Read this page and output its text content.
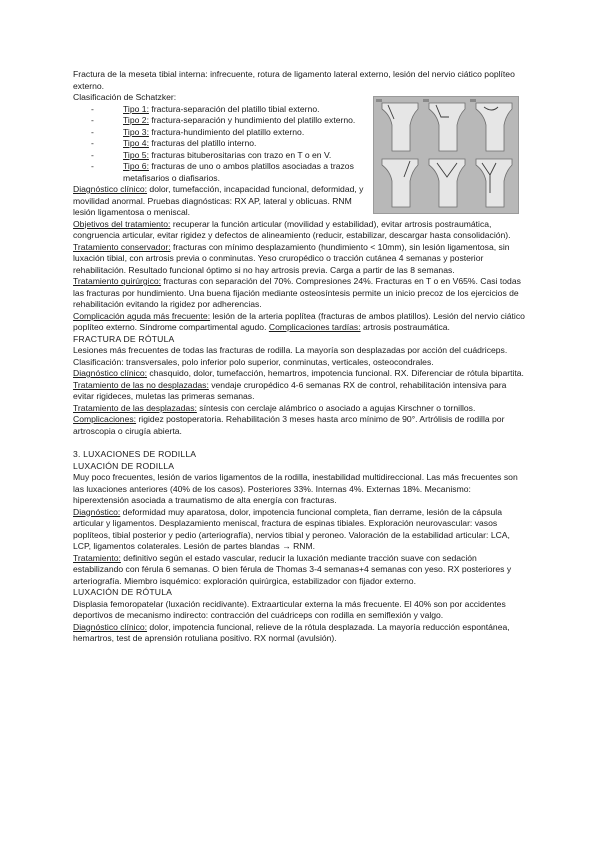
Fractura de la meseta tibial interna: infrecuente, rotura de ligamento lateral externo, lesión del nervio ciático poplíteo externo.

Clasificación de Schatzker:

- Tipo 1: fractura-separación del platillo tibial externo.
- Tipo 2: fractura-separación y hundimiento del platillo externo.
- Tipo 3: fractura-hundimiento del platillo externo.
- Tipo 4: fracturas del platillo interno.
- Tipo 5: fracturas bituberositarias con trazo en T o en V.
- Tipo 6: fracturas de uno o ambos platillos asociadas a trazos metafisarios o diafisarios.

Diagnóstico clínico: dolor, tumefacción, incapacidad funcional, deformidad, y movilidad anormal. Pruebas diagnósticas: RX AP, lateral y oblicuas. RNM lesión ligamentosa o meniscal.

Objetivos del tratamiento: recuperar la función articular (movilidad y estabilidad), evitar artrosis postraumática, congruencia articular, evitar rigidez y defectos de alineamiento (reducir, estabilizar, descargar hasta consolidación).

Tratamiento conservador: fracturas con mínimo desplazamiento (hundimiento < 10mm), sin lesión ligamentosa, sin luxación tibial, con artrosis previa o conminutas. Yeso cruropédico o tracción cutánea 4 semanas y posterior rehabilitación. Resultado funcional óptimo si no hay artrosis previa. Carga a partir de las 8 semanas.

Tratamiento quirúrgico: fracturas con separación del 70%. Compresiones 24%. Fracturas en T o en V65%. Casi todas las fracturas por hundimiento. Una buena fijación mediante osteosíntesis permite un inicio precoz de los ejercicios de rehabilitación evitando la rigidez por adherencias.

Complicación aguda más frecuente: lesión de la arteria poplítea (fracturas de ambos platillos). Lesión del nervio ciático poplíteo externo. Síndrome compartimental agudo. Complicaciones tardías: artrosis postraumática.

FRACTURA DE RÓTULA

Lesiones más frecuentes de todas las fracturas de rodilla. La mayoría son desplazadas por acción del cuádriceps.

Clasificación: transversales, polo inferior polo superior, conminutas, verticales, osteocondrales.

Diagnóstico clínico: chasquido, dolor, tumefacción, hemartros, impotencia funcional. RX. Diferenciar de rótula bipartita.

Tratamiento de las no desplazadas: vendaje cruropédico 4-6 semanas RX de control, rehabilitación intensiva para evitar rigideces, muletas las primeras semanas.

Tratamiento de las desplazadas: síntesis con cerclaje alámbrico o asociado a agujas Kirschner o tornillos.

Complicaciones: rigidez postoperatoria. Rehabilitación 3 meses hasta arco mínimo de 90°. Artrólisis de rodilla por artroscopia o cirugía abierta.

3. LUXACIONES DE RODILLA

LUXACIÓN DE RODILLA

Muy poco frecuentes, lesión de varios ligamentos de la rodilla, inestabilidad multidireccional. Las más frecuentes son las luxaciones anteriores (40% de los casos). Posteriores 33%. Internas 4%. Externas 18%. Mecanismo: hiperextensión asociada a traumatismo de alta energía con fracturas.

Diagnóstico: deformidad muy aparatosa, dolor, impotencia funcional completa, fian derrame, lesión de la cápsula articular y ligamentos. Desplazamiento meniscal, fractura de espinas tibiales. Exploración neurovascular: vasos poplíteos, tibial posterior y pedio (arteriografía), nervios tibial y peroneo. Valoración de la estabilidad articular: LCA, LCP, ligamentos colaterales. Lesión de partes blandas → RNM.

Tratamiento: definitivo según el estado vascular, reducir la luxación mediante tracción suave con sedación estabilizando con férula 6 semanas. O bien férula de Thomas 3-4 semanas+4 semanas con yeso. RX posteriores y arteriografía. Miembro isquémico: exploración quirúrgica, estabilizador con fijador externo.

LUXACIÓN DE RÓTULA

Displasia femoropatelar (luxación recidivante). Extraarticular externa la más frecuente. El 40% son por accidentes deportivos de mecanismo indirecto: contracción del cuádriceps con rodilla en semiflexión y valgo.

Diagnóstico clínico: dolor, impotencia funcional, relieve de la rótula desplazada. La mayoría reducción espontánea, hemartros, test de aprensión rotuliana positivo. RX normal (avulsión).
